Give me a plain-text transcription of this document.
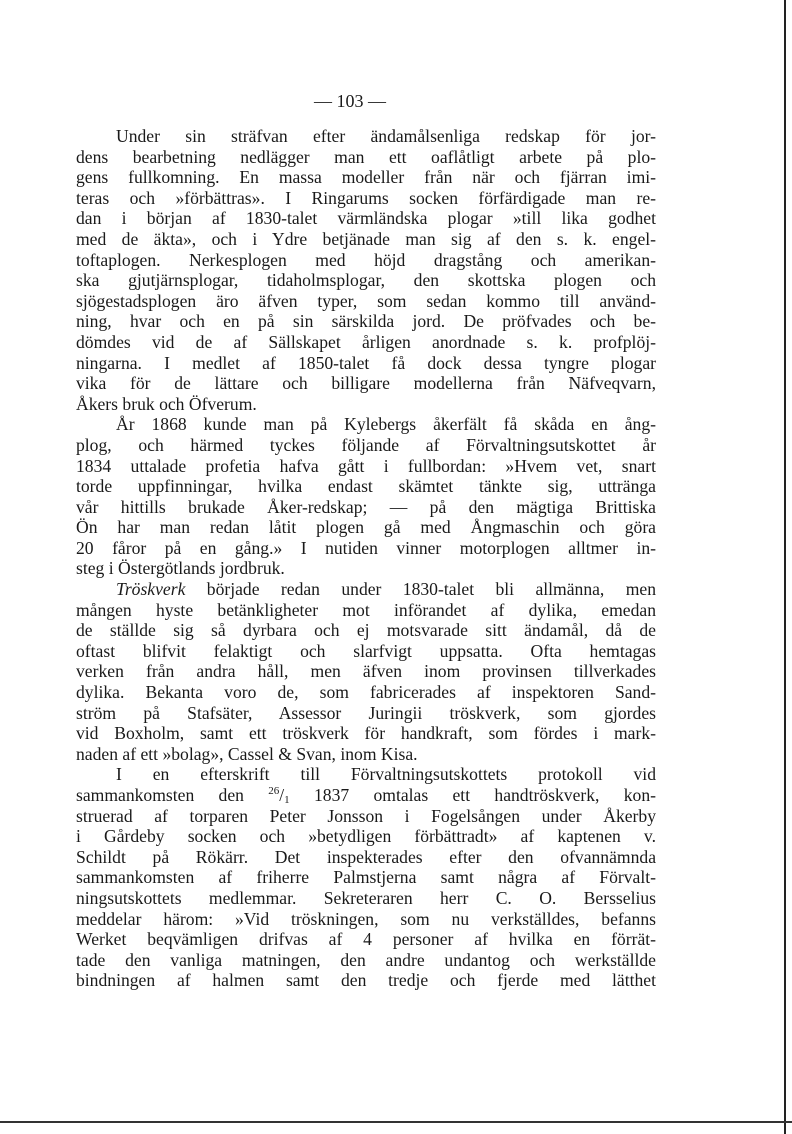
— 103 —
Under sin sträfvan efter ändamålsenliga redskap för jor-
dens bearbetning nedlägger man ett oaflåtligt arbete på plo-
gens fullkomning. En massa modeller från när och fjärran imi-
teras och »förbättras». I Ringarums socken förfärdigade man re-
dan i början af 1830-talet värmländska plogar »till lika godhet
med de äkta», och i Ydre betjänade man sig af den s. k. engel-
toftaplogen. Nerkesplogen med höjd dragstång och amerikan-
ska gjutjärnsplogar, tidaholmsplogar, den skottska plogen och
sjögestadsplogen äro äfven typer, som sedan kommo till använd-
ning, hvar och en på sin särskilda jord. De pröfvades och be-
dömdes vid de af Sällskapet årligen anordnade s. k. profplöj-
ningarna. I medlet af 1850-talet få dock dessa tyngre plogar
vika för de lättare och billigare modellerna från Näfveqvarn,
Åkers bruk och Öfverum.
År 1868 kunde man på Kylebergs åkerfält få skåda en ång-
plog, och härmed tyckes följande af Förvaltningsutskottet år
1834 uttalade profetia hafva gått i fullbordan: »Hvem vet, snart
torde uppfinningar, hvilka endast skämtet tänkte sig, uttränga
vår hittills brukade Åker-redskap; — på den mägtiga Brittiska
Ön har man redan låtit plogen gå med Ångmaschin och göra
20 fåror på en gång.» I nutiden vinner motorplogen alltmer in-
steg i Östergötlands jordbruk.
Tröskverk började redan under 1830-talet bli allmänna, men
mången hyste betänkligheter mot införandet af dylika, emedan
de ställde sig så dyrbara och ej motsvarade sitt ändamål, då de
oftast blifvit felaktigt och slarfvigt uppsatta. Ofta hemtagas
verken från andra håll, men äfven inom provinsen tillverkades
dylika. Bekanta voro de, som fabricerades af inspektoren Sand-
ström på Stafsäter, Assessor Juringii tröskverk, som gjordes
vid Boxholm, samt ett tröskverk för handkraft, som fördes i mark-
naden af ett »bolag», Cassel & Svan, inom Kisa.
I en efterskrift till Förvaltningsutskottets protokoll vid
sammankomsten den $^{26}/_1$ 1837 omtalas ett handtröskverk, kon-
struerad af torparen Peter Jonsson i Fogelsången under Åkerby
i Gårdeby socken och »betydligen förbättradt» af kaptenen v.
Schildt på Rökärr. Det inspekterades efter den ofvannämnda
sammankomsten af friherre Palmstjerna samt några af Förvalt-
ningsutskottets medlemmar. Sekreteraren herr C. O. Bersselius
meddelar härom: »Vid tröskningen, som nu verkställdes, befanns
Werket beqvämligen drifvas af 4 personer af hvilka en förrät-
tade den vanliga matningen, den andre undantog och werkställde
bindningen af halmen samt den tredje och fjerde med lätthet
